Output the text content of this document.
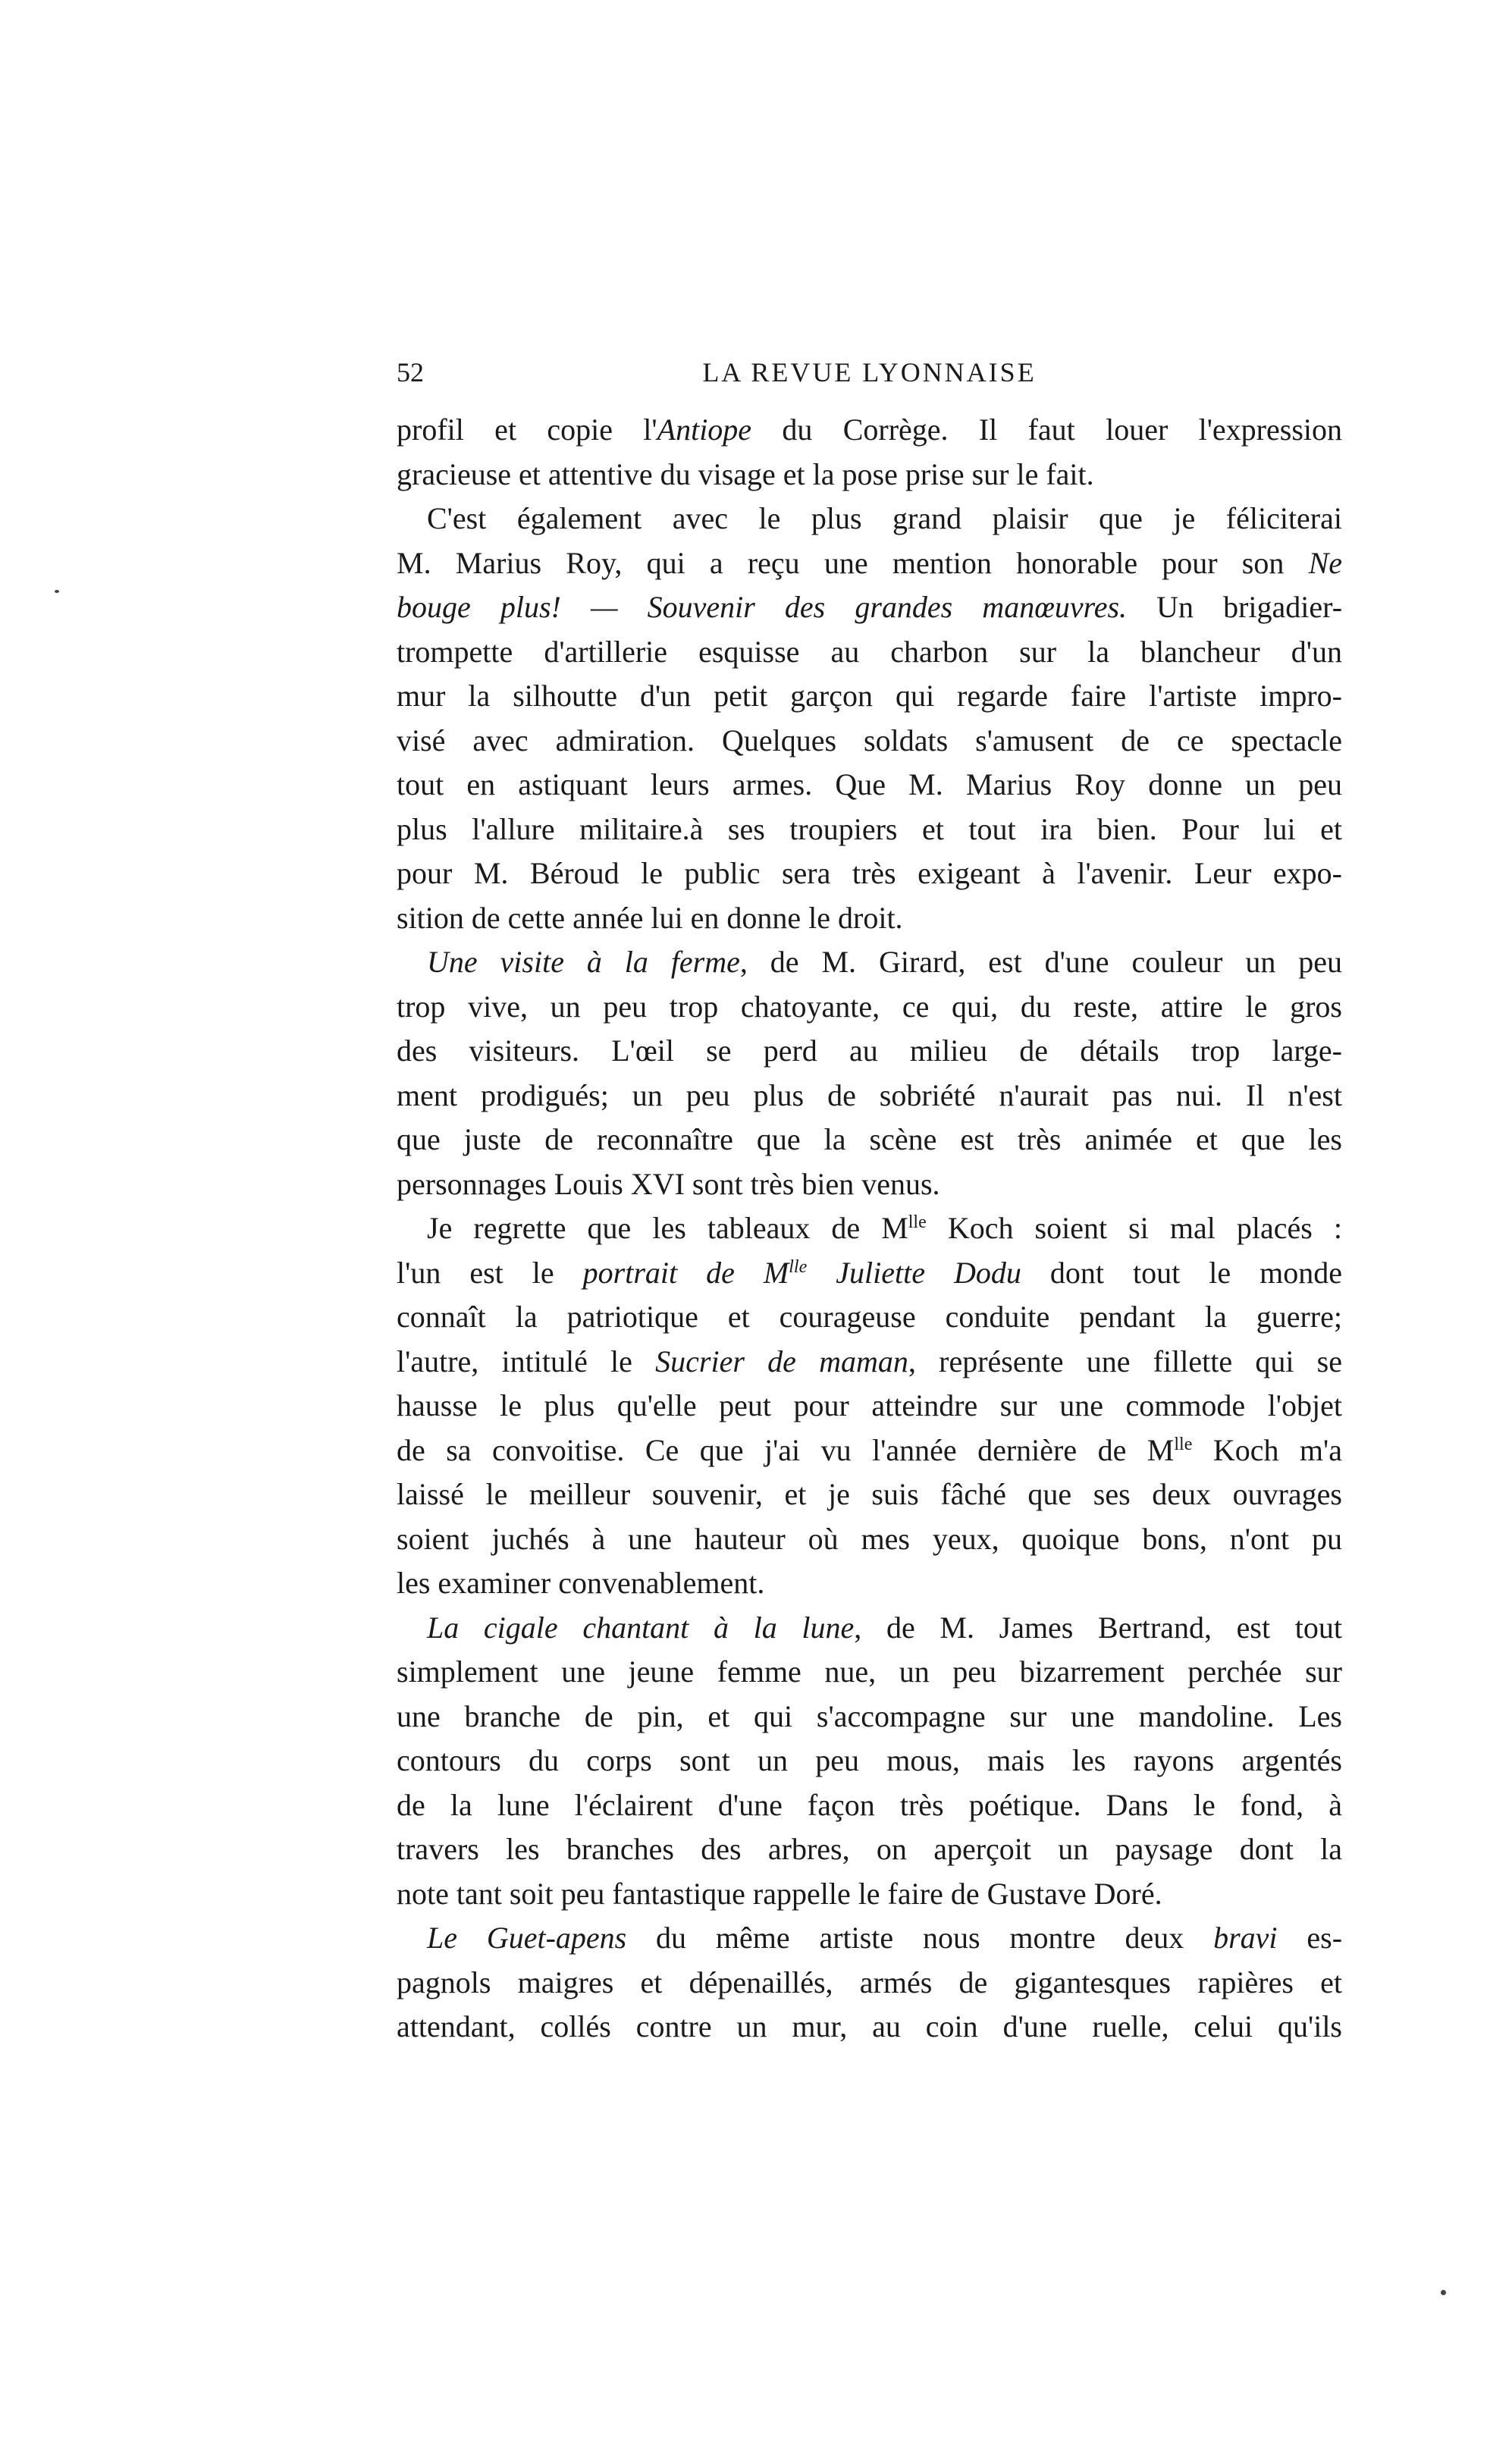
52	LA REVUE LYONNAISE
profil et copie l'Antiope du Corrège. Il faut louer l'expression
gracieuse et attentive du visage et la pose prise sur le fait.
C'est également avec le plus grand plaisir que je féliciterai
M. Marius Roy, qui a reçu une mention honorable pour son Ne
bouge plus! — Souvenir des grandes manœuvres. Un brigadier-
trompette d'artillerie esquisse au charbon sur la blancheur d'un
mur la silhoutte d'un petit garçon qui regarde faire l'artiste impro-
visé avec admiration. Quelques soldats s'amusent de ce spectacle
tout en astiquant leurs armes. Que M. Marius Roy donne un peu
plus l'allure militaire.à ses troupiers et tout ira bien. Pour lui et
pour M. Béroud le public sera très exigeant à l'avenir. Leur expo-
sition de cette année lui en donne le droit.
Une visite à la ferme, de M. Girard, est d'une couleur un peu
trop vive, un peu trop chatoyante, ce qui, du reste, attire le gros
des visiteurs. L'œil se perd au milieu de détails trop large-
ment prodigués; un peu plus de sobriété n'aurait pas nui. Il n'est
que juste de reconnaître que la scène est très animée et que les
personnages Louis XVI sont très bien venus.
Je regrette que les tableaux de $M^{lle}$ Koch soient si mal placés :
l'un est le portrait de $M^{lle}$ Juliette Dodu dont tout le monde
connaît la patriotique et courageuse conduite pendant la guerre;
l'autre, intitulé le Sucrier de maman, représente une fillette qui se
hausse le plus qu'elle peut pour atteindre sur une commode l'objet
de sa convoitise. Ce que j'ai vu l'année dernière de $M^{lle}$ Koch m'a
laissé le meilleur souvenir, et je suis fâché que ses deux ouvrages
soient juchés à une hauteur où mes yeux, quoique bons, n'ont pu
les examiner convenablement.
La cigale chantant à la lune, de M. James Bertrand, est tout
simplement une jeune femme nue, un peu bizarrement perchée sur
une branche de pin, et qui s'accompagne sur une mandoline. Les
contours du corps sont un peu mous, mais les rayons argentés
de la lune l'éclairent d'une façon très poétique. Dans le fond, à
travers les branches des arbres, on aperçoit un paysage dont la
note tant soit peu fantastique rappelle le faire de Gustave Doré.
Le Guet-apens du même artiste nous montre deux bravi es-
pagnols maigres et dépenaillés, armés de gigantesques rapières et
attendant, collés contre un mur, au coin d'une ruelle, celui qu'ils
